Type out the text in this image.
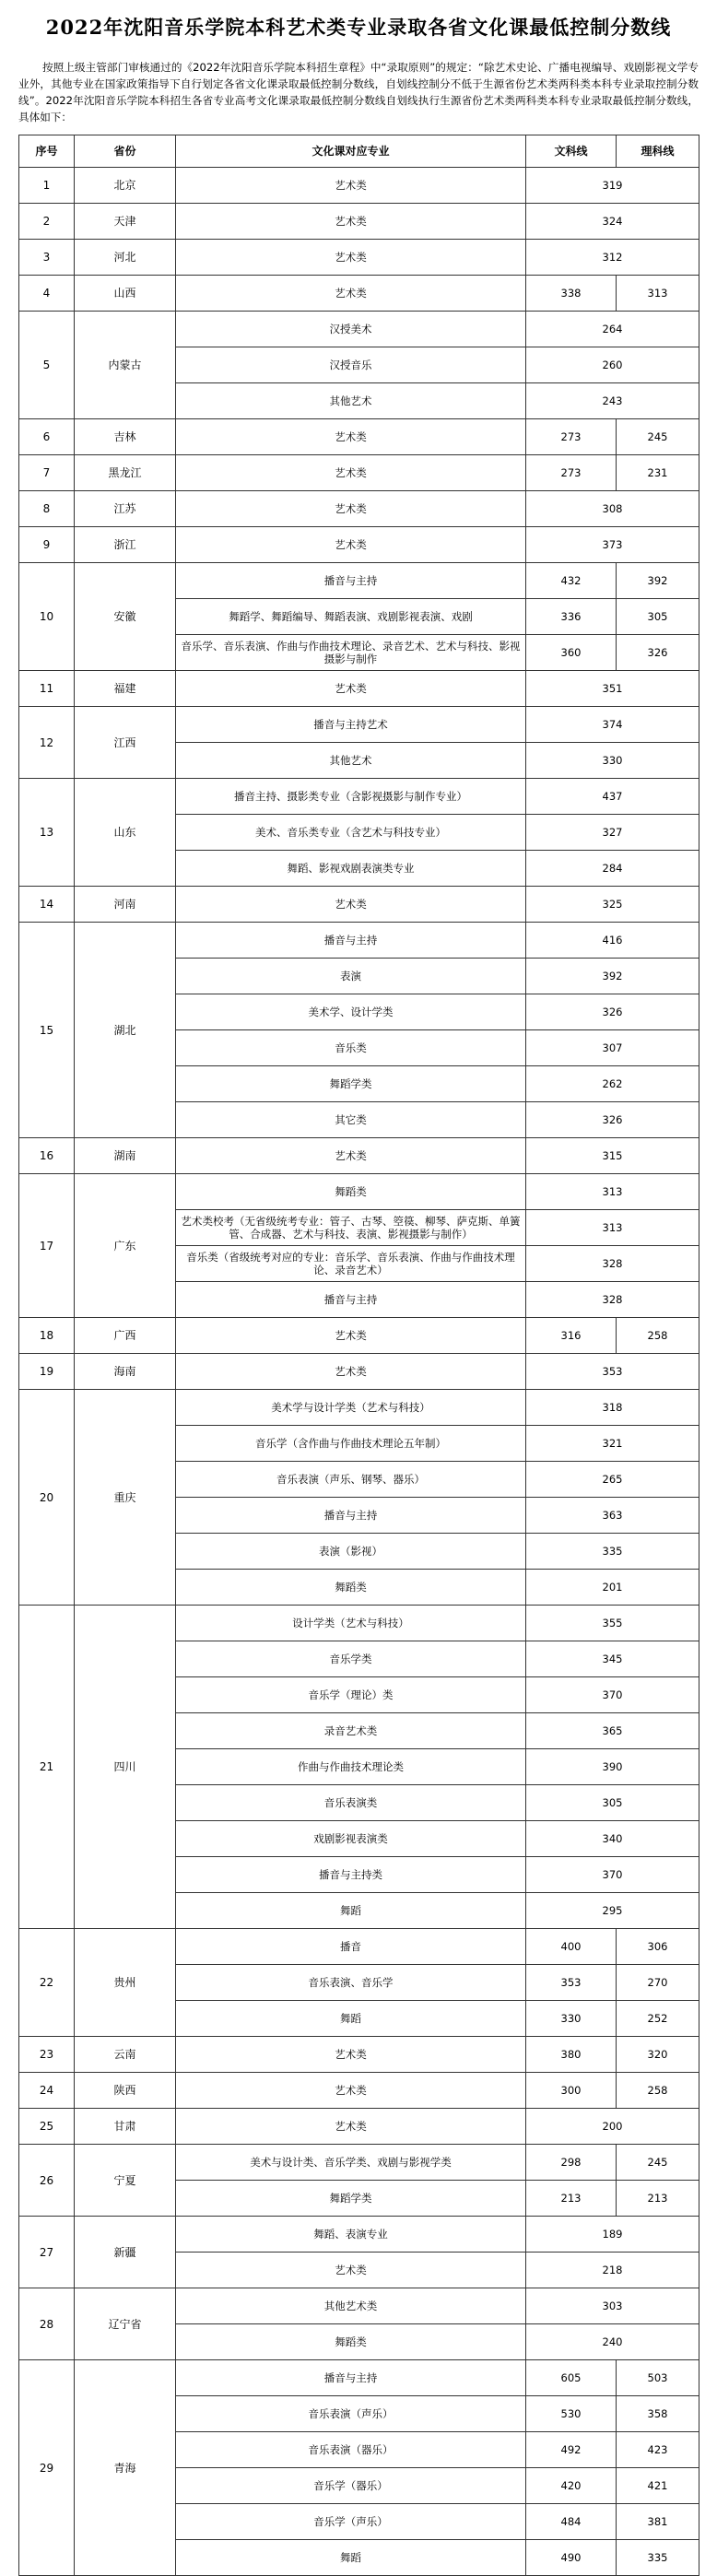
2022年沈阳音乐学院本科艺术类专业录取各省文化课最低控制分数线

按照上级主管部门审核通过的《2022年沈阳音乐学院本科招生章程》中“录取原则”的规定：“除艺术史论、广播电视编导、戏剧影视文学专业外，其他专业在国家政策指导下自行划定各省文化课录取最低控制分数线，自划线控制分不低于生源省份艺术类两科类本科专业录取控制分数线”。2022年沈阳音乐学院本科招生各省专业高考文化课录取最低控制分数线自划线执行生源省份艺术类两科类本科专业录取最低控制分数线，具体如下：

序号	省份	文化课对应专业	文科线	理科线
1	北京	艺术类	319	
2	天津	艺术类	324	
3	河北	艺术类	312	
4	山西	艺术类	338	313
5	内蒙古	汉授美术	264	
		汉授音乐	260	
		其他艺术	243	
6	吉林	艺术类	273	245
7	黑龙江	艺术类	273	231
8	江苏	艺术类	308	
9	浙江	艺术类	373	
10	安徽	播音与主持	432	392
		舞蹈学、舞蹈编导、舞蹈表演、戏剧影视表演、戏剧	336	305
		音乐学、音乐表演、作曲与作曲技术理论、录音艺术、艺术与科技、影视摄影与制作	360	326
11	福建	艺术类	351	
12	江西	播音与主持艺术	374	
		其他艺术	330	
13	山东	播音主持、摄影类专业（含影视摄影与制作专业）	437	
		美术、音乐类专业（含艺术与科技专业）	327	
		舞蹈、影视戏剧表演类专业	284	
14	河南	艺术类	325	
15	湖北	播音与主持	416	
		表演	392	
		美术学、设计学类	326	
		音乐类	307	
		舞蹈学类	262	
		其它类	326	
16	湖南	艺术类	315	
17	广东	舞蹈类	313	
		艺术类校考（无省级统考专业：管子、古琴、箜篌、柳琴、萨克斯、单簧管、合成器、艺术与科技、表演、影视摄影与制作）	313	
		音乐类（省级统考对应的专业：音乐学、音乐表演、作曲与作曲技术理论、录音艺术）	328	
		播音与主持	328	
18	广西	艺术类	316	258
19	海南	艺术类	353	
20	重庆	美术学与设计学类（艺术与科技）	318	
		音乐学（含作曲与作曲技术理论五年制）	321	
		音乐表演（声乐、钢琴、器乐）	265	
		播音与主持	363	
		表演（影视）	335	
		舞蹈类	201	
21	四川	设计学类（艺术与科技）	355	
		音乐学类	345	
		音乐学（理论）类	370	
		录音艺术类	365	
		作曲与作曲技术理论类	390	
		音乐表演类	305	
		戏剧影视表演类	340	
		播音与主持类	370	
		舞蹈	295	
22	贵州	播音	400	306
		音乐表演、音乐学	353	270
		舞蹈	330	252
23	云南	艺术类	380	320
24	陕西	艺术类	300	258
25	甘肃	艺术类	200	
26	宁夏	美术与设计类、音乐学类、戏剧与影视学类	298	245
		舞蹈学类	213	213
27	新疆	舞蹈、表演专业	189	
		艺术类	218	
28	辽宁省	其他艺术类	303	
		舞蹈类	240	
29	青海	播音与主持	605	503
		音乐表演（声乐）	530	358
		音乐表演（器乐）	492	423
		音乐学（器乐）	420	421
		音乐学（声乐）	484	381
		舞蹈	490	335
